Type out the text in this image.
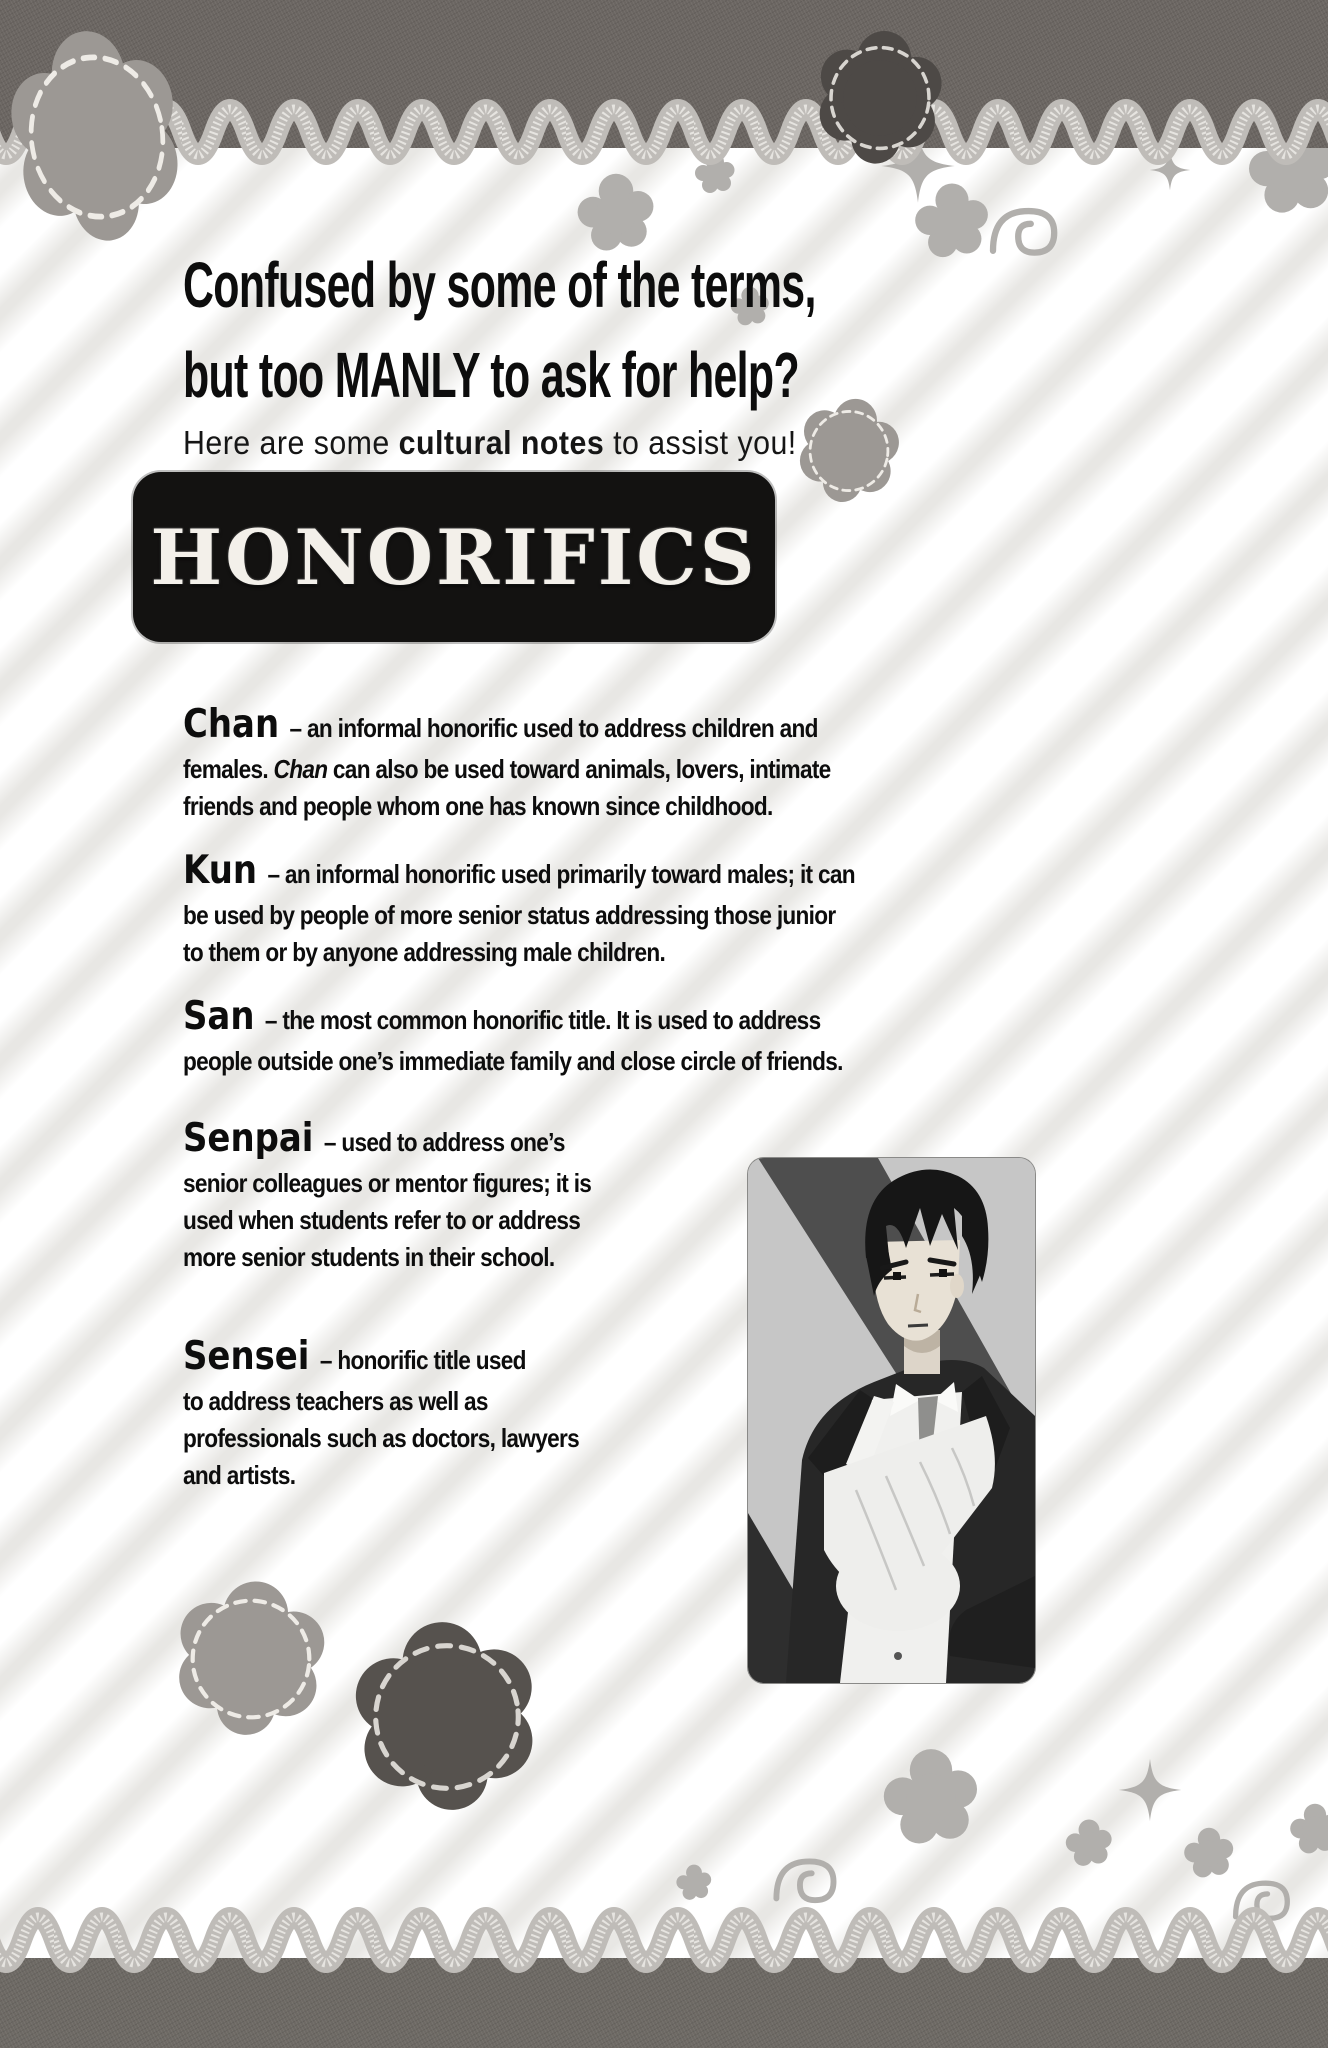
Confused by some of the terms,
but too MANLY to ask for help?

Here are some cultural notes to assist you!

HONORIFICS

Chan – an informal honorific used to address children and
females. Chan can also be used toward animals, lovers, intimate
friends and people whom one has known since childhood.

Kun – an informal honorific used primarily toward males; it can
be used by people of more senior status addressing those junior
to them or by anyone addressing male children.

San – the most common honorific title. It is used to address
people outside one’s immediate family and close circle of friends.

Senpai – used to address one’s
senior colleagues or mentor figures; it is
used when students refer to or address
more senior students in their school.

Sensei – honorific title used
to address teachers as well as
professionals such as doctors, lawyers
and artists.
